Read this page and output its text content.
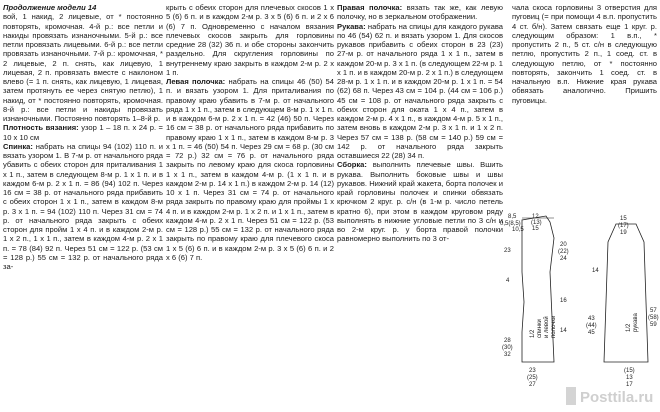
Продолжение модели 14

вой, 1 накид, 2 лицевые, от * постоянно повторять, кромочная. 4-й р.: все петли и накиды провязать изнаночными. 5-й р.: все петли провязать лицевыми. 6-й р.: все петли провязать изнаночными. 7-й р.: кромочная, * 2 лицевые, 2 п. снять, как лицевую, 1 лицевая, 2 п. провязать вместе с наклоном влево (= 1 п. снять, как лицевую, 1 лицевая, затем протянуть ее через снятую петлю), 1 накид, от * постоянно повторять, кромочная. 8-й р.: все петли и накиды провязать изнаночными. Постоянно повторять 1–8-й р.

Плотность вязания: узор 1 – 18 п. х 24 р. = 10 х 10 см

Спинка: набрать на спицы 94 (102) 110 п. и вязать узором 1. В 7-м р. от начального ряда убавить с обеих сторон для приталивания 1 х 1 п., затем в следующем 8-м р. 1 х 1 п. и в каждом 6-м р. 2 х 1 п. = 86 (94) 102 п. Через 16 см = 38 р. от начального ряда прибавить с обеих сторон 1 х 1 п., затем в каждом 8-м р. 3 х 1 п. = 94 (102) 110 п. Через 31 см = 74 р. от начального ряда закрыть с обеих сторон для пройм 1 х 4 п. и в каждом 2-м р. 1 х 2 п., 1 х 1 п., затем в каждом 4-м р. 2 х 1 п. = 78 (84) 92 п. Через 51 см = 122 р. (53 см = 128 р.) 55 см = 132 р. от начального ряда за-

крыть с обеих сторон для плечевых скосов 1 х 5 (6) 6 п. и в каждом 2-м р. 3 х 5 (6) 6 п. и 2 х 6 (6) 7 п. Одновременно с началом вязания плечевых скосов закрыть для горловины средние 28 (32) 36 п. и обе стороны закончить раздельно. Для скругления горловины по внутреннему краю закрыть в каждом 2-м р. 2 х 1 п.

Левая полочка: набрать на спицы 46 (50) 54 п. и вязать узором 1. Для приталивания по правому краю убавить в 7-м р. от начального ряда 1 х 1 п., затем в следующем 8-м р. 1 х 1 п. и в каждом 6-м р. 2 х 1 п. = 42 (46) 50 п. Через 16 см = 38 р. от начального ряда прибавить по правому краю 1 х 1 п., затем в каждом 8-м р. 3 х 1 п. = 46 (50) 54 п. Через 29 см = 68 р. (30 см = 72 р.) 32 см = 76 р. от начального ряда закрыть по левому краю для скоса горловины 1 х 1 п., затем в каждом 4-м р. (1 х 1 п. и в каждом 2-м р. 14 х 1 п.) в каждом 2-м р. 14 (12) 10 х 1 п. Через 31 см = 74 р. от начального ряда закрыть по правому краю для проймы 1 х 4 п. и в каждом 2-м р. 1 х 2 п. и 1 х 1 п., затем в каждом 4-м р. 2 х 1 п. Через 51 см = 122 р. (53 см = 128 р.) 55 см = 132 р. от начального ряда закрыть по правому краю для плечевого скоса 1 х 5 (6) 6 п. и в каждом 2-м р. 3 х 5 (6) 6 п. и 2 х 6 (6) 7 п.

Правая полочка: вязать так же, как левую полочку, но в зеркальном отображении.

Рукава: набрать на спицы для каждого рукава по 46 (54) 62 п. и вязать узором 1. Для скосов рукавов прибавить с обеих сторон в 23 (23) 27-м р. от начального ряда 1 х 1 п., затем в каждом 20-м р. 3 х 1 п. (в следующем 22-м р. 1 х 1 п. и в каждом 20-м р. 2 х 1 п.) в следующем 28-м р. 1 х 1 п. и в каждом 20-м р. 1 х 1 п. = 54 (62) 68 п. Через 43 см = 104 р. (44 см = 106 р.) 45 см = 108 р. от начального ряда закрыть с обеих сторон для оката 1 х 4 п., затем в каждом 2-м р. 4 х 1 п., в каждом 4-м р. 5 х 1 п., затем вновь в каждом 2-м р. 3 х 1 п. и 1 х 2 п. Через 57 см = 138 р. (58 см = 140 р.) 59 см = 142 р. от начального ряда закрыть оставшиеся 22 (28) 34 п.

Сборка: выполнить плечевые швы. Вшить рукава. Выполнить боковые швы и швы рукавов. Нижний край жакета, борта полочек и край горловины полочек и спинки обвязать крючком 2 круг. р. с/н (в 1-м р. число петель кратно 6), при этом в каждом круговом ряду выполнять в нижние угловые петли по 3 с/н и во 2-м круг. р. у борта правой полочки равномерно выполнить по 3 от-

чала скоса горловины 3 отверстия для пуговиц (= при помощи 4 в.п. пропустить 4 ст. б/н). Затем связать еще 1 круг. р. следующим образом: 1 в.п., * пропустить 2 п., 5 ст. с/н в следующую петлю, пропустить 2 п., 1 соед. ст. в следующую петлю, от * постоянно повторять, закончить 1 соед. ст. в начальную в.п. Нижние края рукава обвязать аналогично. Пришить пуговицы.

8,5
0,5(8,5)
10,5
12
(13)
15
23
4
20
(22)
24
28
(30)
32
16
14
23
(25)
27
1/2 спинки и левой полочки
15
(17)
19
14
43
(44)
45
57
(58)
59
1/2 рукава
(15)
13
17
Posttila.ru
